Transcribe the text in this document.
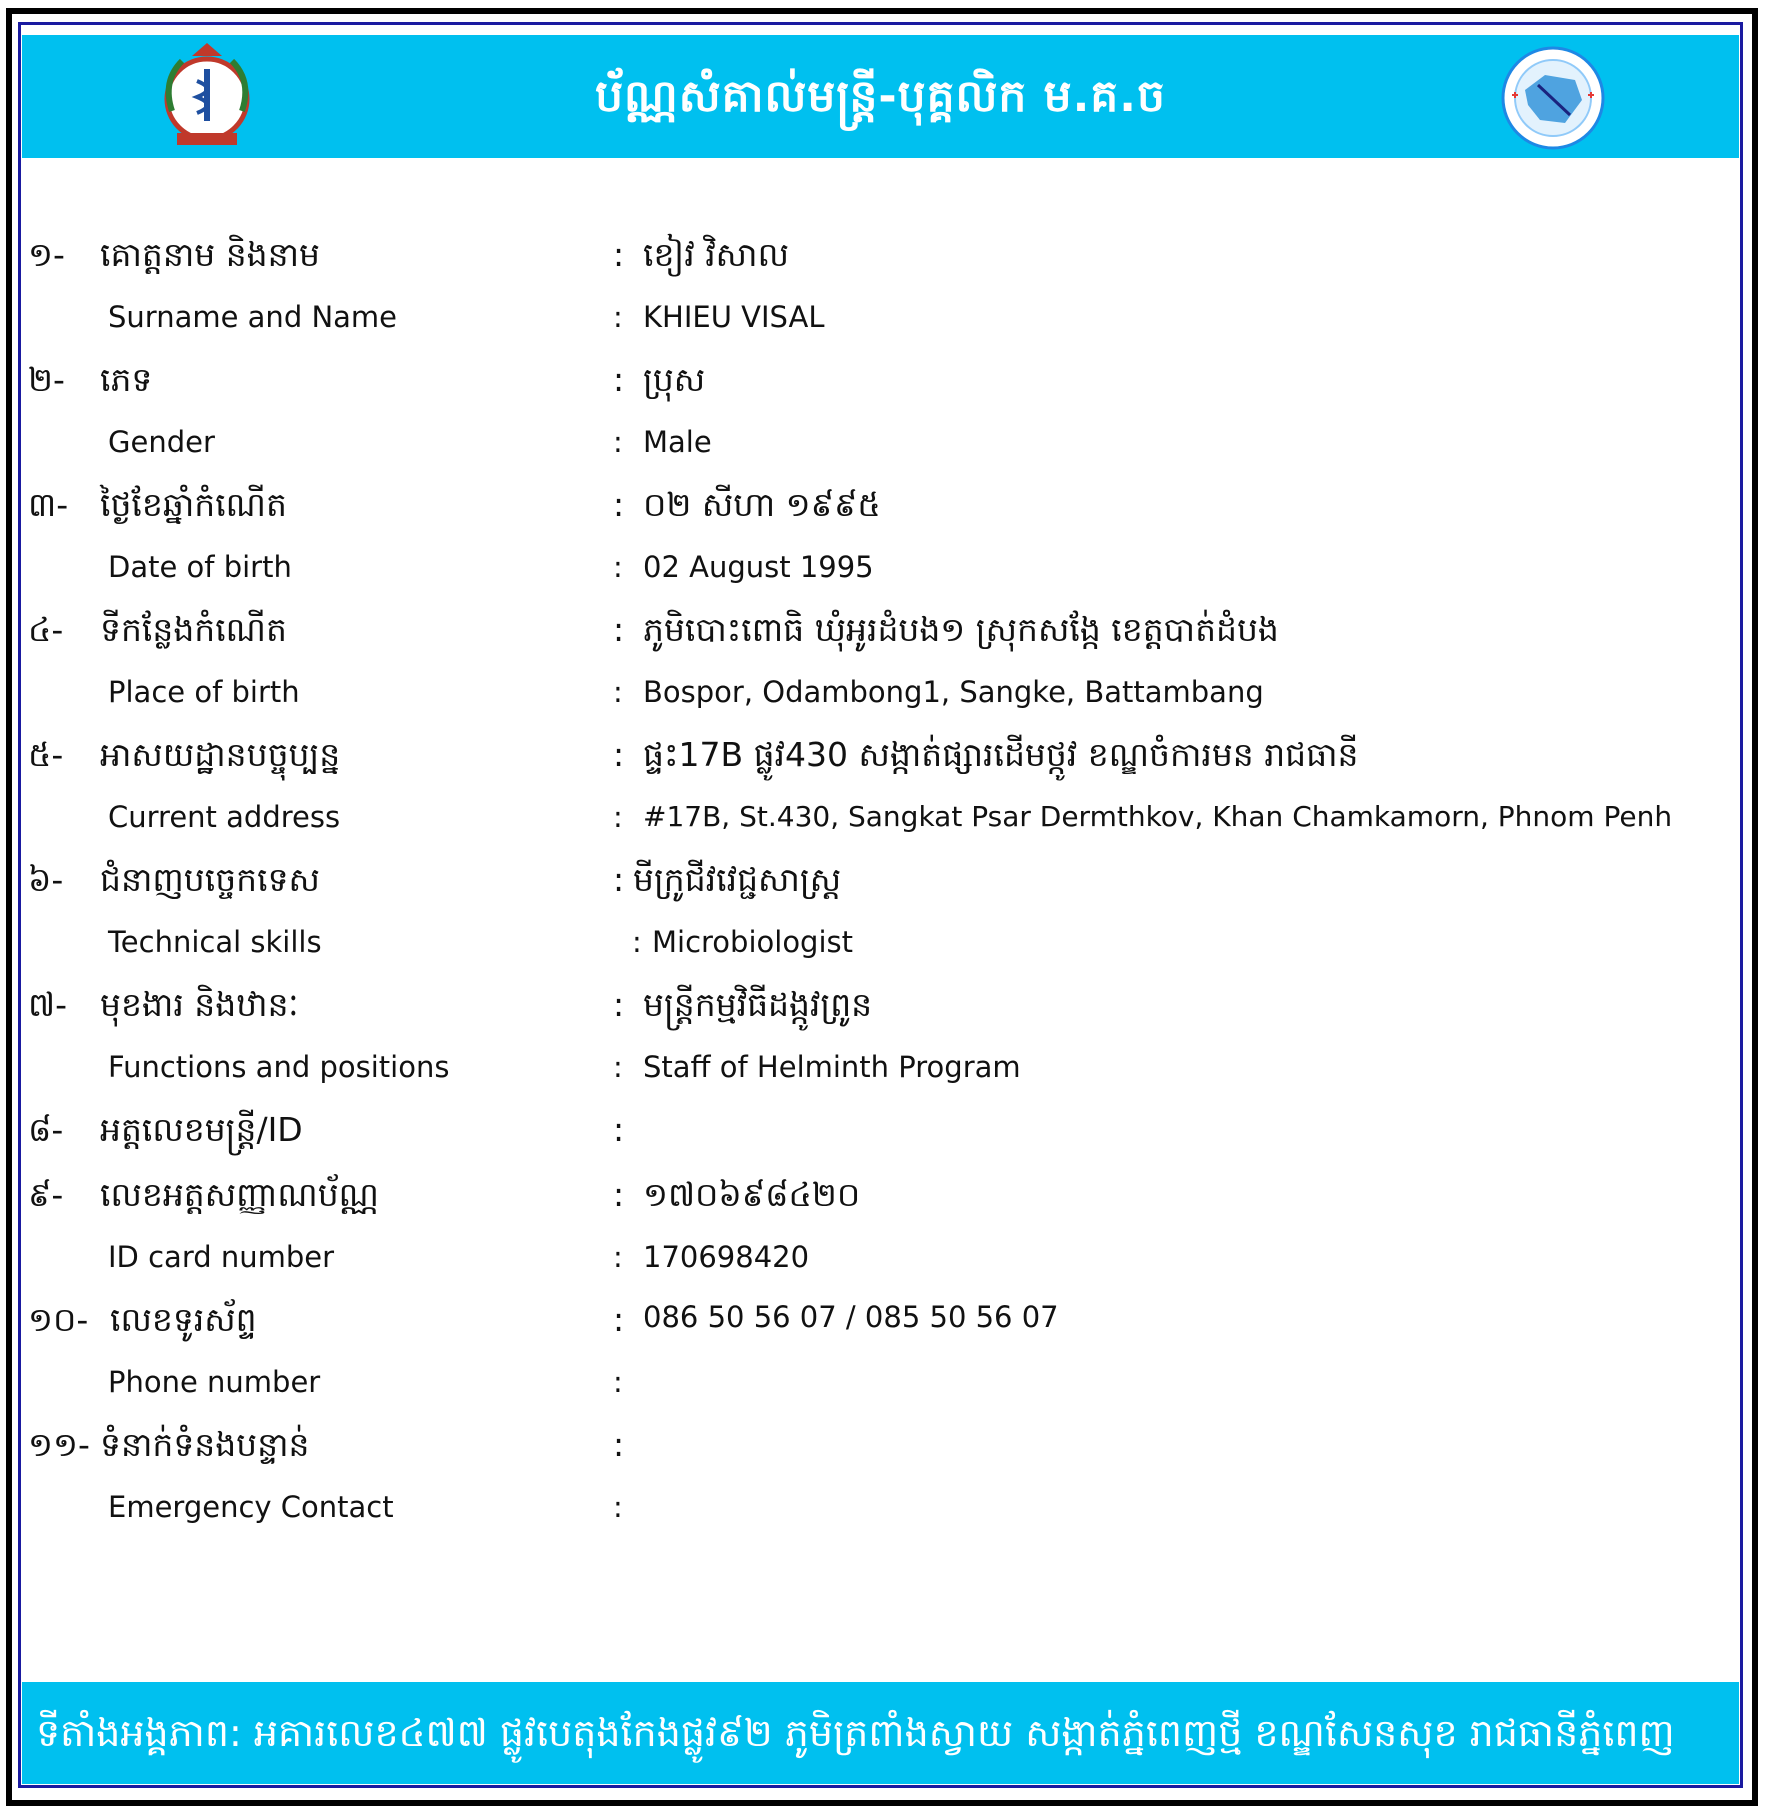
ប័ណ្ណសំគាល់មន្ត្រី-បុគ្គលិក ម.គ.ច
១- គោត្តនាម និងនាម	: ខៀវ វិសាល
Surname and Name	: KHIEU VISAL
២- ភេទ	: ប្រុស
Gender	: Male
៣- ថ្ងៃខែឆ្នាំកំណើត	: ០២ សីហា ១៩៩៥
Date of birth	: 02 August 1995
៤- ទីកន្លែងកំណើត	: ភូមិបោះពោធិ ឃុំអូរដំបង១ ស្រុកសង្កែ ខេត្តបាត់ដំបង
Place of birth	: Bospor, Odambong1, Sangke, Battambang
៥- អាសយដ្ឋានបច្ចុប្បន្ន	: ផ្ទះ17B ផ្លូវ430 សង្កាត់ផ្សារដើមថ្កូវ ខណ្ឌចំការមន រាជធានី
Current address	: #17B, St.430, Sangkat Psar Dermthkov, Khan Chamkamorn, Phnom Penh
៦- ជំនាញបច្ចេកទេស	: មីក្រូជីវវេជ្ជសាស្ត្រ
Technical skills	: Microbiologist
៧- មុខងារ និងឋានៈ	: មន្ត្រីកម្មវិធីដង្កូវព្រូន
Functions and positions	: Staff of Helminth Program
៨- អត្តលេខមន្ត្រី/ID	:
៩- លេខអត្តសញ្ញាណប័ណ្ណ	: ១៧០៦៩៨៤២០
ID card number	: 170698420
១០- លេខទូរស័ព្ទ	: 086 50 56 07 / 085 50 56 07
Phone number	:
១១- ទំនាក់ទំនងបន្ទាន់	:
Emergency Contact	:
ទីតាំងអង្គភាព: អគារលេខ៤៧៧ ផ្លូវបេតុងកែងផ្លូវ៩២ ភូមិត្រពាំងស្វាយ សង្កាត់ភ្នំពេញថ្មី ខណ្ឌសែនសុខ រាជធានីភ្នំពេញ
